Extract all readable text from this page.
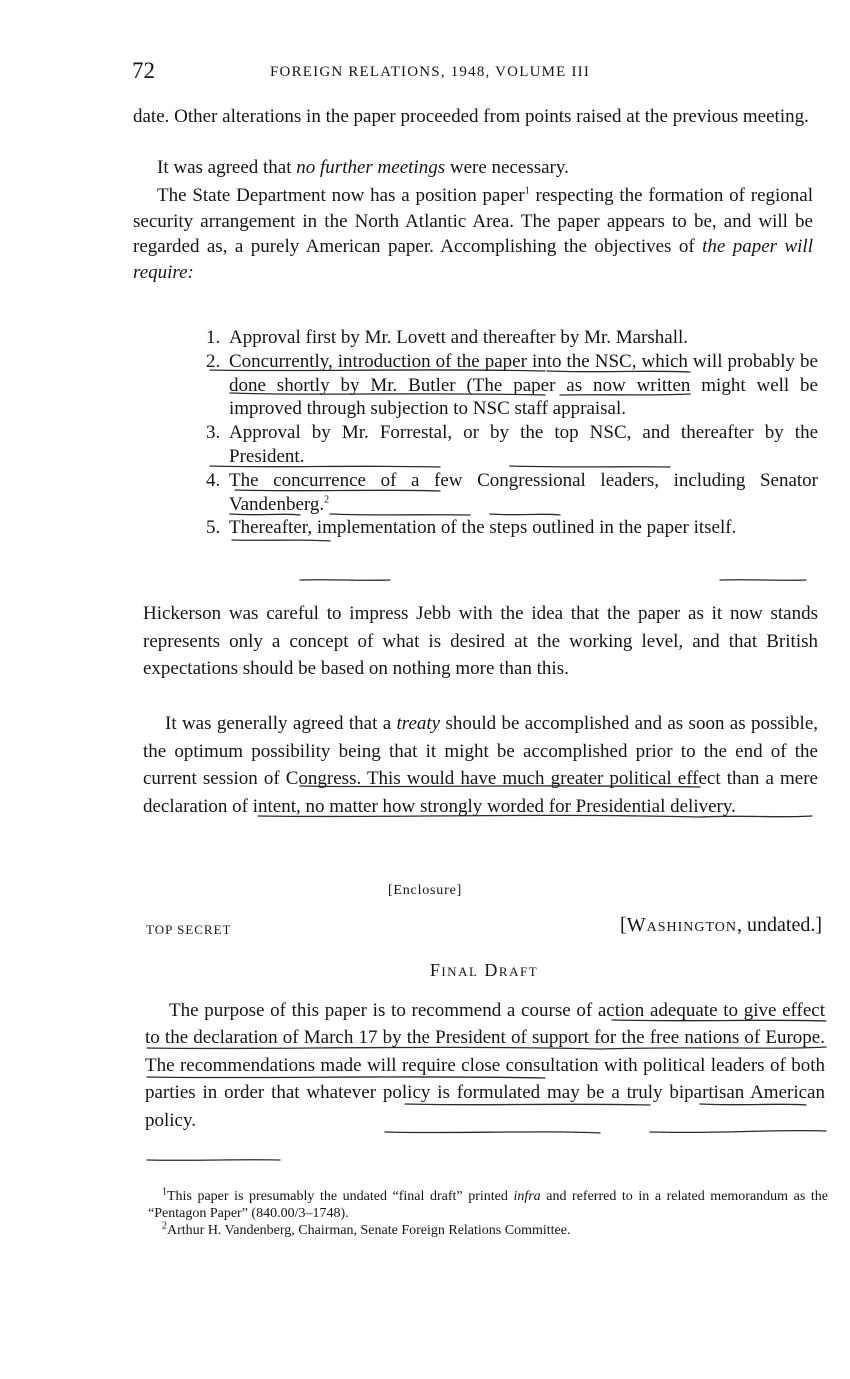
72	FOREIGN RELATIONS, 1948, VOLUME III

date. Other alterations in the paper proceeded from points raised at the previous meeting.

It was agreed that no further meetings were necessary.

The State Department now has a position paper$^1$ respecting the formation of regional security arrangement in the North Atlantic Area. The paper appears to be, and will be regarded as, a purely American paper. Accomplishing the objectives of the paper will require:

1. Approval first by Mr. Lovett and thereafter by Mr. Marshall.
2. Concurrently, introduction of the paper into the NSC, which will probably be done shortly by Mr. Butler (The paper as now written might well be improved through subjection to NSC staff appraisal.
3. Approval by Mr. Forrestal, or by the top NSC, and thereafter by the President.
4. The concurrence of a few Congressional leaders, including Senator Vandenberg.$^2$
5. Thereafter, implementation of the steps outlined in the paper itself.

Hickerson was careful to impress Jebb with the idea that the paper as it now stands represents only a concept of what is desired at the working level, and that British expectations should be based on nothing more than this.

It was generally agreed that a treaty should be accomplished and as soon as possible, the optimum possibility being that it might be accomplished prior to the end of the current session of Congress. This would have much greater political effect than a mere declaration of intent, no matter how strongly worded for Presidential delivery.

[Enclosure]
TOP SECRET	[Washington, undated.]
Final Draft

The purpose of this paper is to recommend a course of action adequate to give effect to the declaration of March 17 by the President of support for the free nations of Europe. The recommendations made will require close consultation with political leaders of both parties in order that whatever policy is formulated may be a truly bipartisan American policy.

$^1$This paper is presumably the undated “final draft” printed infra and referred to in a related memorandum as the “Pentagon Paper” (840.00/3–1748).

$^2$Arthur H. Vandenberg, Chairman, Senate Foreign Relations Committee.
